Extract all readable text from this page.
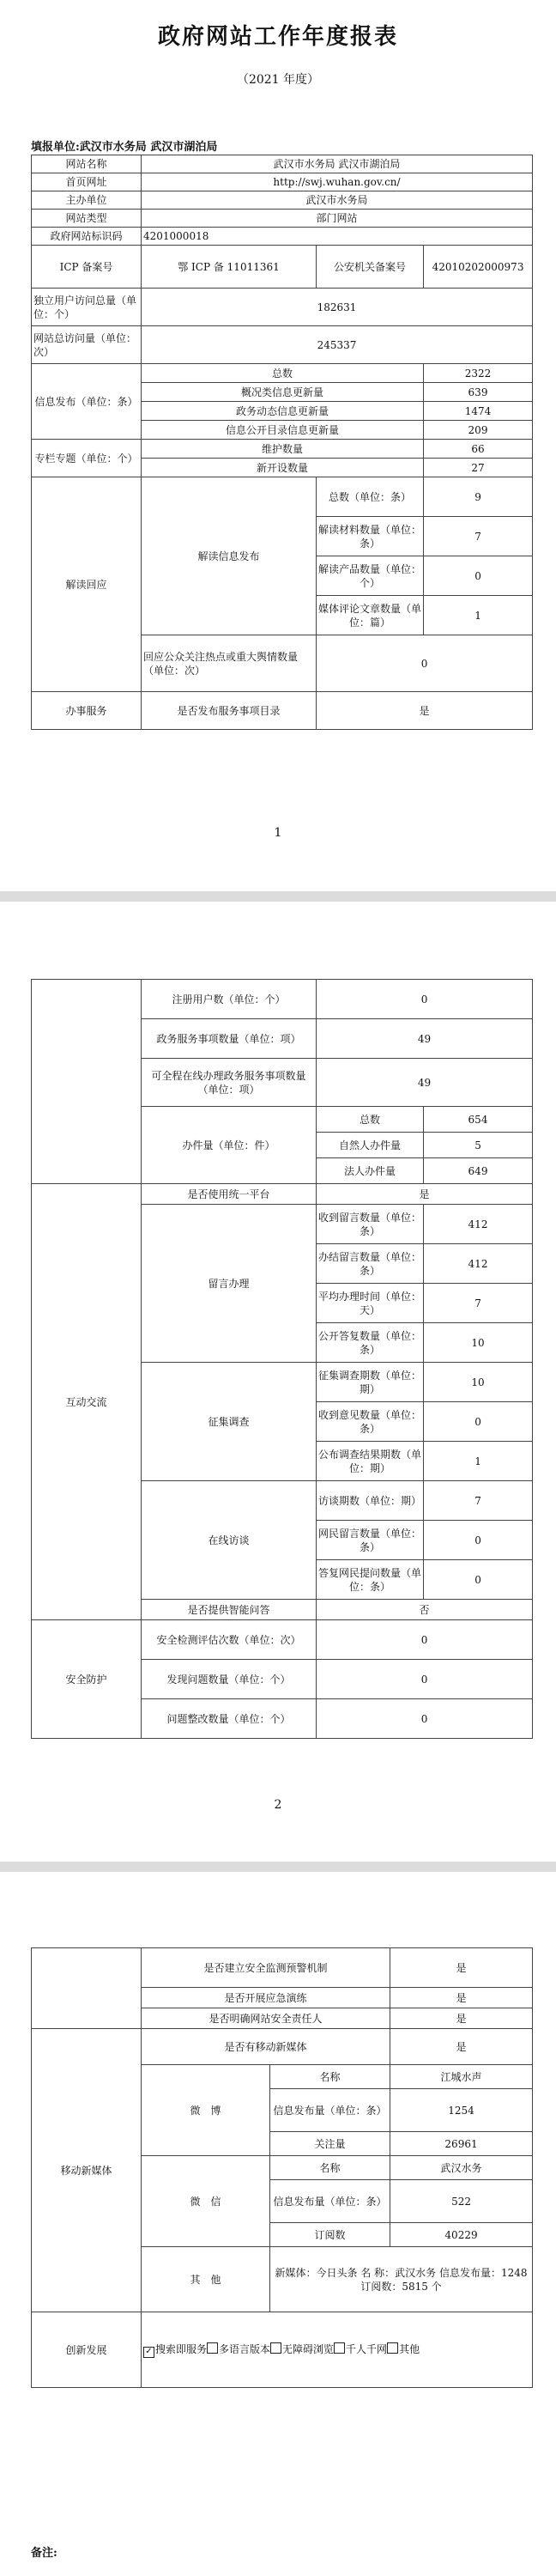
政府网站工作年度报表
（2021 年度）
填报单位:武汉市水务局 武汉市湖泊局
网站名称	武汉市水务局 武汉市湖泊局		
首页网址	http://swj.wuhan.gov.cn/		
主办单位	武汉市水务局		
网站类型	部门网站		
政府网站标识码	4201000018		
ICP 备案号	鄂 ICP 备 11011361	公安机关备案号	42010202000973
独立用户访问总量（单位：个）	182631		
网站总访问量（单位：次）	245337		
信息发布（单位：条）	总数		2322
	概况类信息更新量		639
	政务动态信息更新量		1474
	信息公开目录信息更新量		209
专栏专题（单位：个）	维护数量		66
	新开设数量		27
解读回应	解读信息发布	总数（单位：条）	9
		解读材料数量（单位：条）	7
		解读产品数量（单位：个）	0
		媒体评论文章数量（单位：篇）	1
	回应公众关注热点或重大舆情数量（单位：次）	0	
办事服务	是否发布服务事项目录	是	
1
	注册用户数（单位：个）	0	
	政务服务事项数量（单位：项）	49	
	可全程在线办理政务服务事项数量（单位：项）	49	
	办件量（单位：件）	总数	654
		自然人办件量	5
		法人办件量	649
互动交流	是否使用统一平台	是	
	留言办理	收到留言数量（单位：条）	412
		办结留言数量（单位：条）	412
		平均办理时间（单位：天）	7
		公开答复数量（单位：条）	10
	征集调查	征集调查期数（单位：期）	10
		收到意见数量（单位：条）	0
		公布调查结果期数（单位：期）	1
	在线访谈	访谈期数（单位：期）	7
		网民留言数量（单位：条）	0
		答复网民提问数量（单位：条）	0
	是否提供智能问答	否	
安全防护	安全检测评估次数（单位：次）	0	
	发现问题数量（单位：个）	0	
	问题整改数量（单位：个）	0	
2
	是否建立安全监测预警机制		是
	是否开展应急演练		是
	是否明确网站安全责任人		是
移动新媒体	是否有移动新媒体		是
	微　博	名称	江城水声
		信息发布量（单位：条）	1254
		关注量	26961
	微　信	名称	武汉水务
		信息发布量（单位：条）	522
		订阅数	40229
	其　他	新媒体：今日头条 名 称：武汉水务 信息发布量：1248 订阅数：5815 个	
创新发展	✓ 搜索即服务 多语言版本 无障碍浏览 千人千网 其他		
备注:
